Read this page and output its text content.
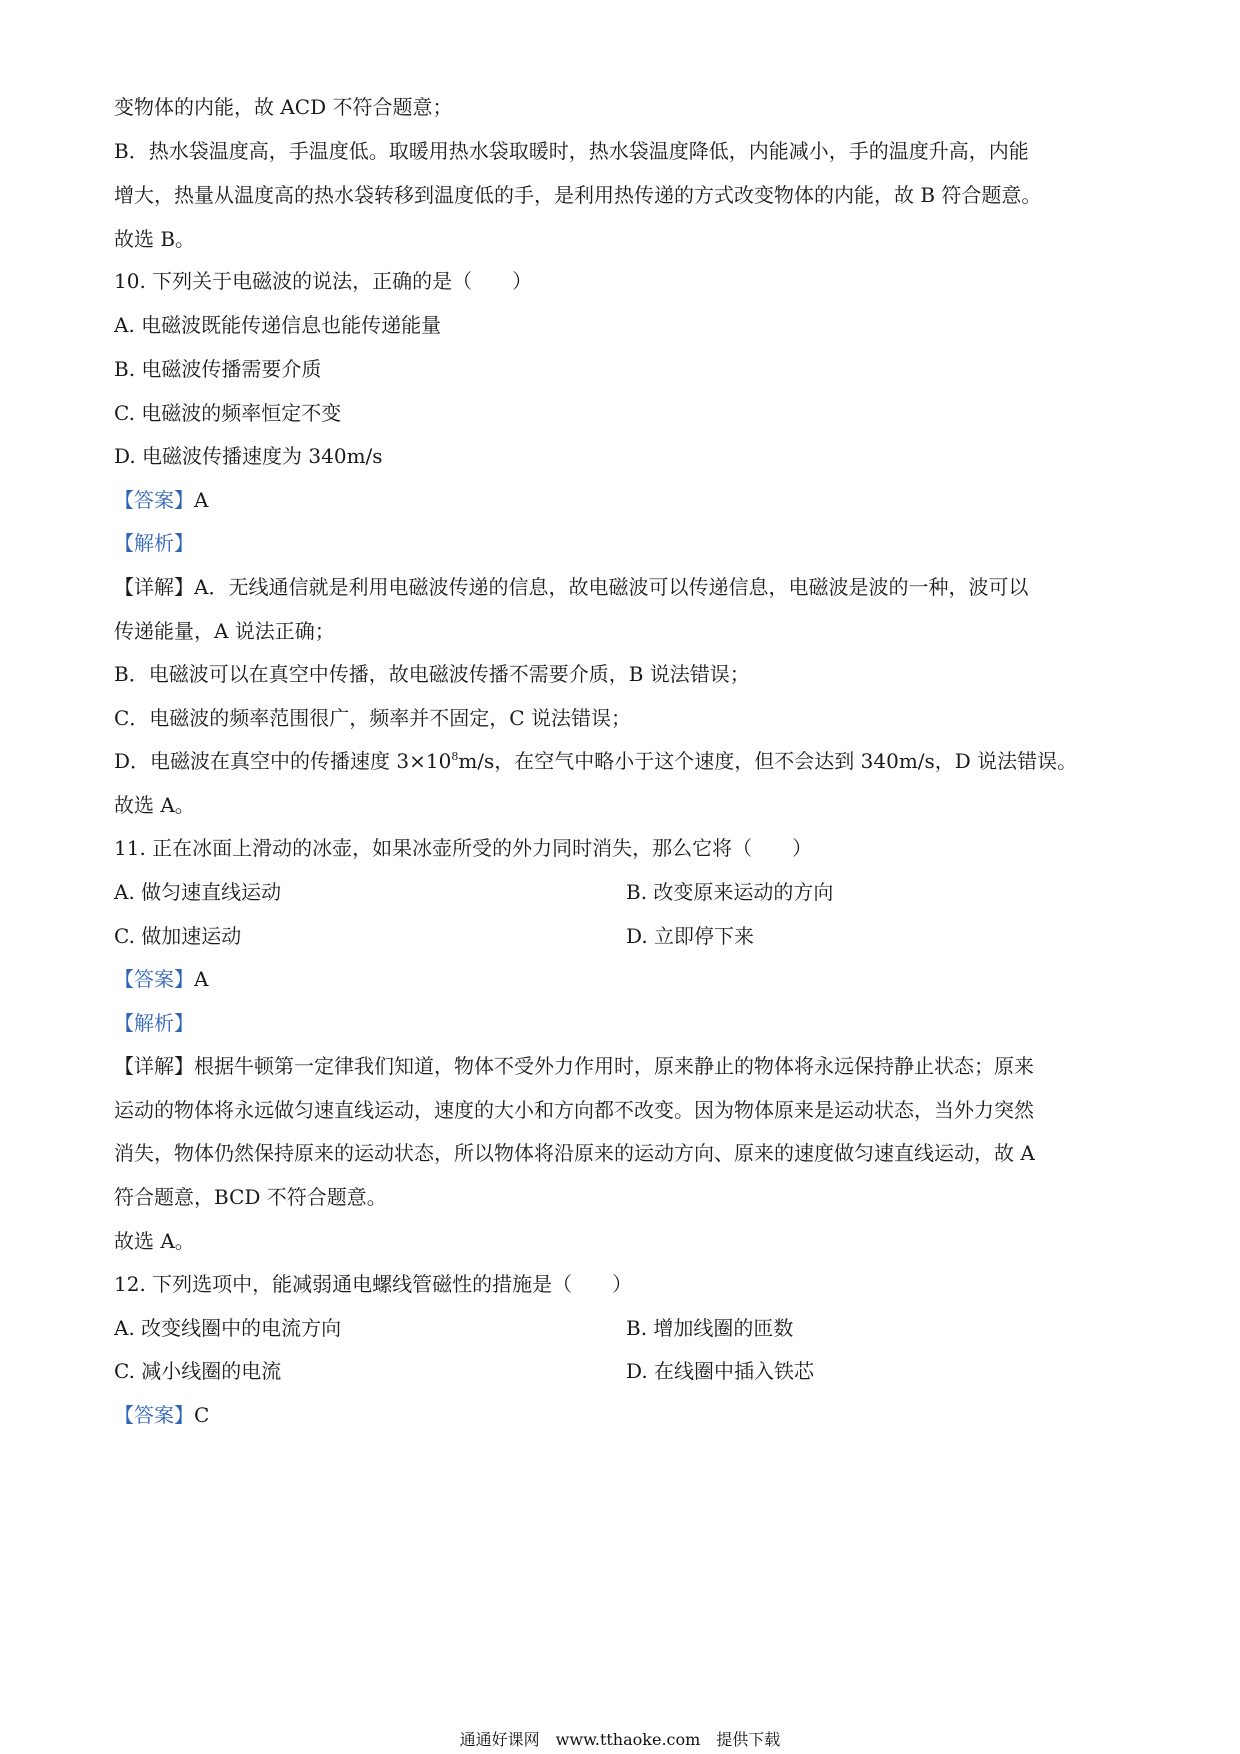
变物体的内能，故 ACD 不符合题意；
B．热水袋温度高，手温度低。取暖用热水袋取暖时，热水袋温度降低，内能减小，手的温度升高，内能
增大，热量从温度高的热水袋转移到温度低的手，是利用热传递的方式改变物体的内能，故 B 符合题意。
故选 B。
10. 下列关于电磁波的说法，正确的是（　　）
A. 电磁波既能传递信息也能传递能量
B. 电磁波传播需要介质
C. 电磁波的频率恒定不变
D. 电磁波传播速度为 340m/s
【答案】A
【解析】
【详解】A．无线通信就是利用电磁波传递的信息，故电磁波可以传递信息，电磁波是波的一种，波可以
传递能量，A 说法正确；
B．电磁波可以在真空中传播，故电磁波传播不需要介质，B 说法错误；
C．电磁波的频率范围很广，频率并不固定，C 说法错误；
D．电磁波在真空中的传播速度 $3\times 10^8m/s$，在空气中略小于这个速度，但不会达到 340m/s，D 说法错误。
故选 A。
11. 正在冰面上滑动的冰壶，如果冰壶所受的外力同时消失，那么它将（　　）
A. 做匀速直线运动	B. 改变原来运动的方向
C. 做加速运动	D. 立即停下来
【答案】A
【解析】
【详解】根据牛顿第一定律我们知道，物体不受外力作用时，原来静止的物体将永远保持静止状态；原来
运动的物体将永远做匀速直线运动，速度的大小和方向都不改变。因为物体原来是运动状态，当外力突然
消失，物体仍然保持原来的运动状态，所以物体将沿原来的运动方向、原来的速度做匀速直线运动，故 A
符合题意，BCD 不符合题意。
故选 A。
12. 下列选项中，能减弱通电螺线管磁性的措施是（　　）
A. 改变线圈中的电流方向	B. 增加线圈的匝数
C. 减小线圈的电流	D. 在线圈中插入铁芯
【答案】C
通通好课网　www.tthaoke.com　提供下载
